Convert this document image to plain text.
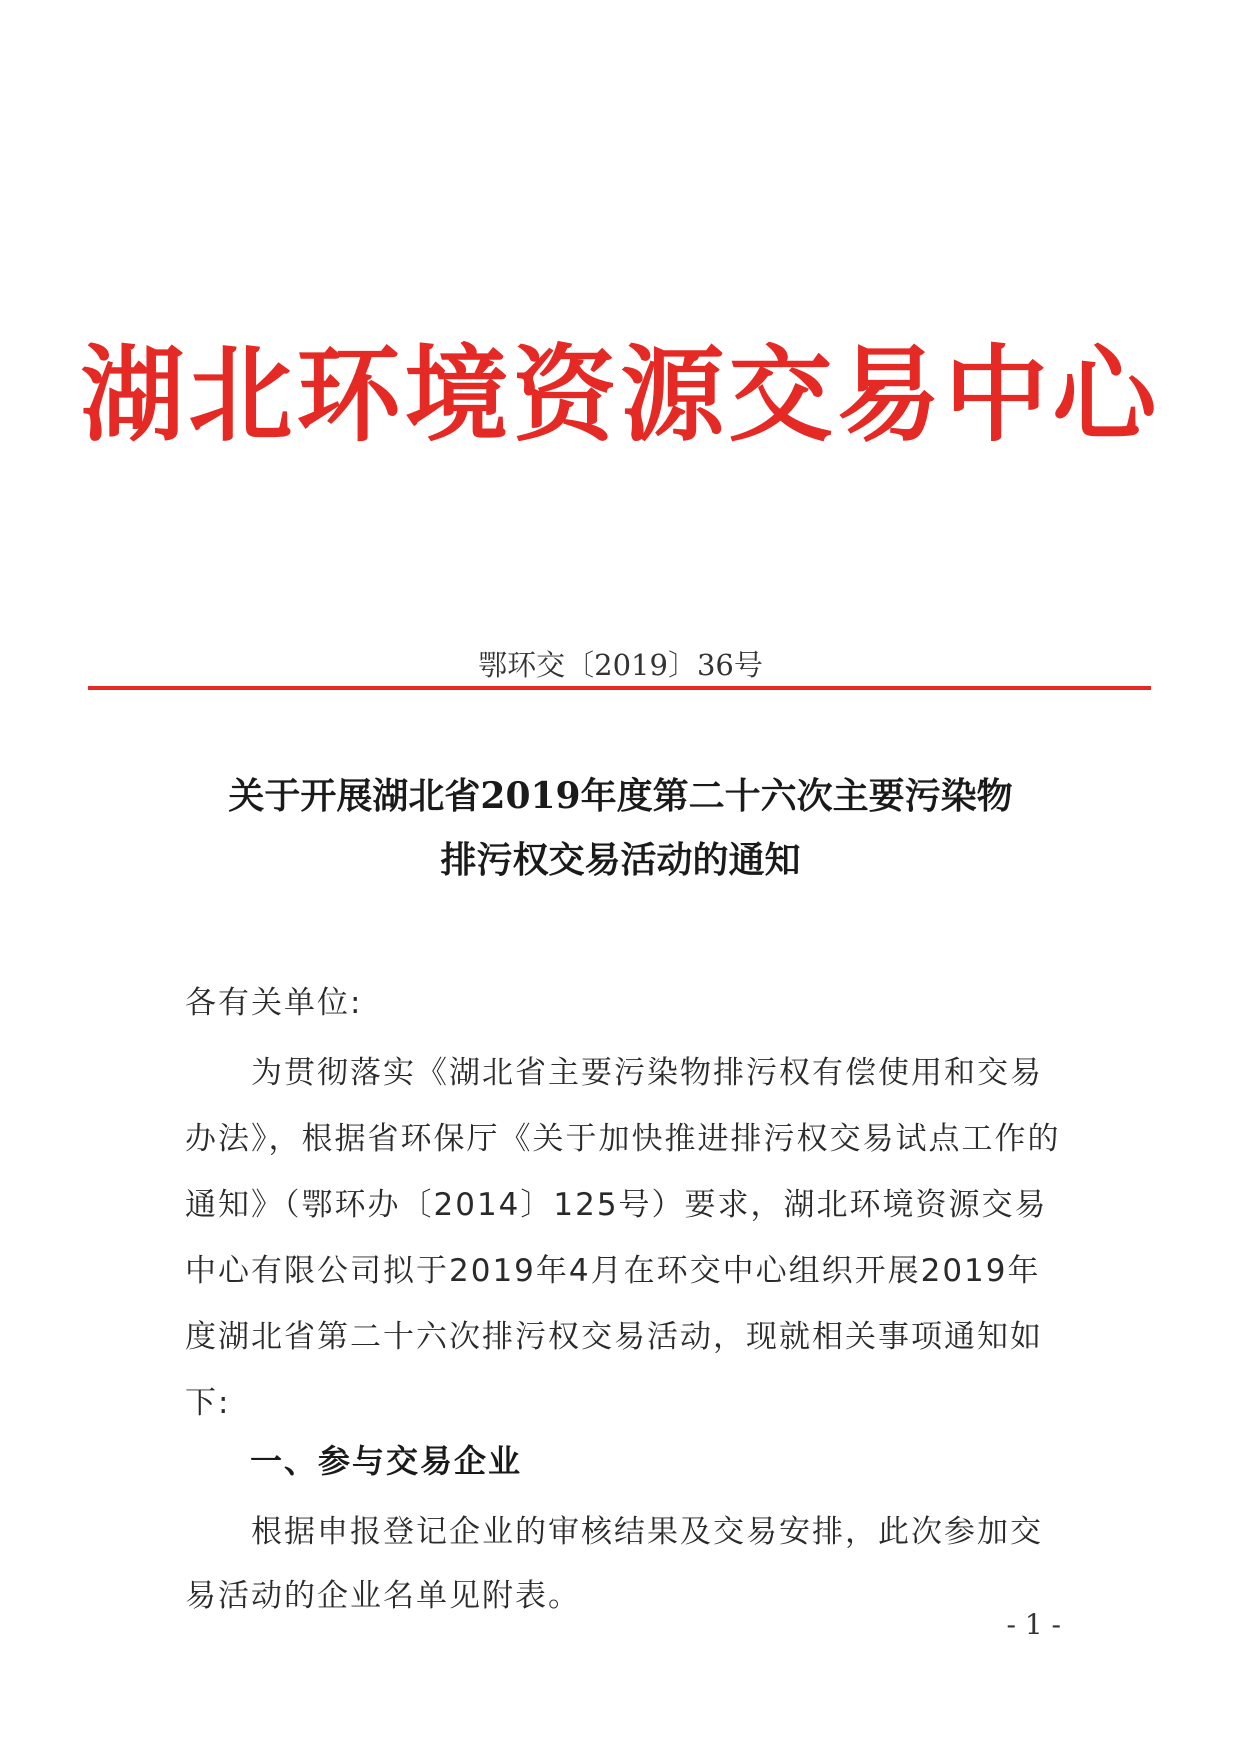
湖北环境资源交易中心
鄂环交〔2019〕36号
关于开展湖北省2019年度第二十六次主要污染物
排污权交易活动的通知
各有关单位:
为贯彻落实《湖北省主要污染物排污权有偿使用和交易办法》，根据省环保厅《关于加快推进排污权交易试点工作的通知》（鄂环办〔2014〕125号）要求，湖北环境资源交易中心有限公司拟于2019年4月在环交中心组织开展2019年度湖北省第二十六次排污权交易活动，现就相关事项通知如下:
一、参与交易企业
根据申报登记企业的审核结果及交易安排，此次参加交易活动的企业名单见附表。
- 1 -
